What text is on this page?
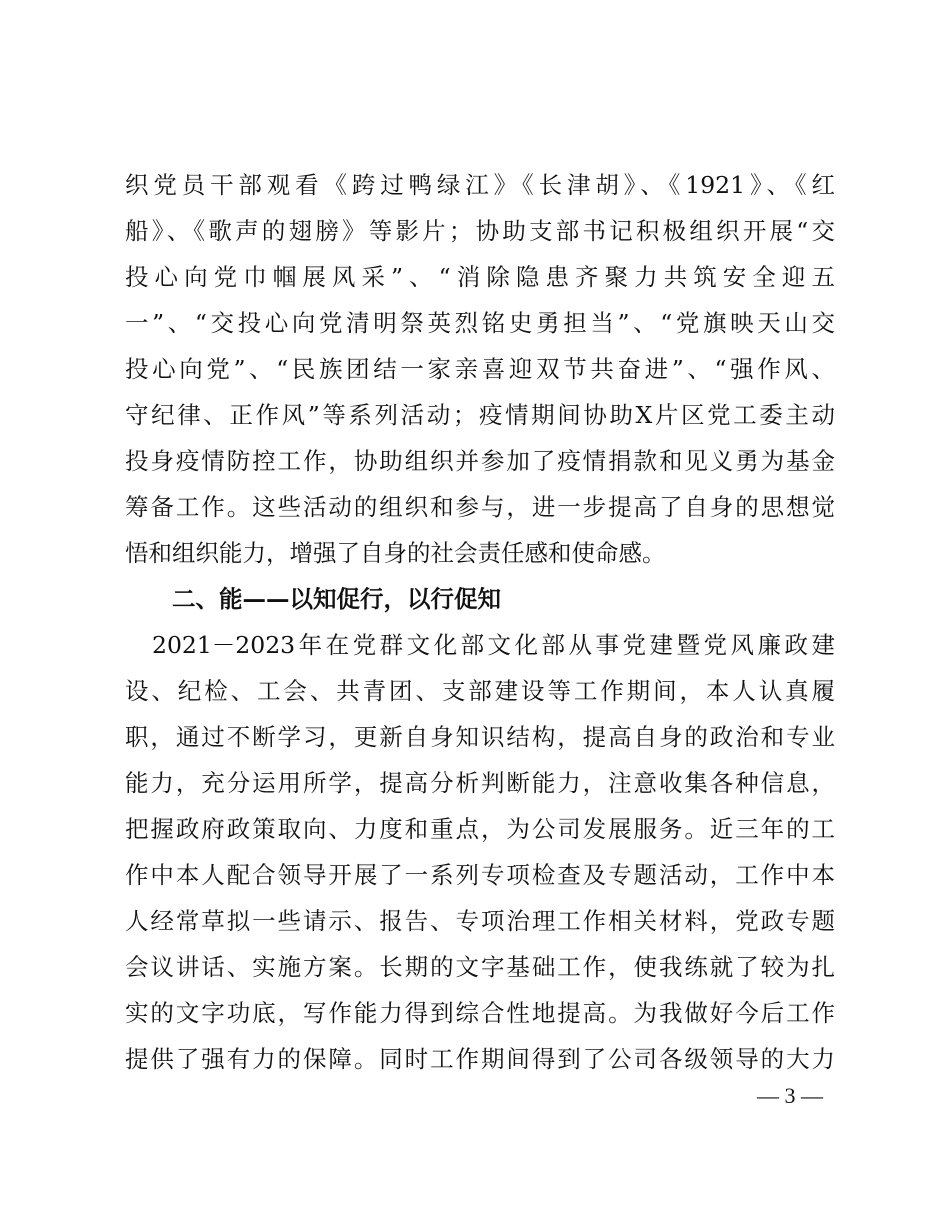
织党员干部观看《跨过鸭绿江》《长津胡》、《1921》、《红
船》、《歌声的翅膀》等影片；协助支部书记积极组织开展“交
投心向党巾帼展风采”、“消除隐患齐聚力共筑安全迎五
一”、“交投心向党清明祭英烈铭史勇担当”、“党旗映天山交
投心向党”、“民族团结一家亲喜迎双节共奋进”、“强作风、
守纪律、正作风”等系列活动；疫情期间协助X片区党工委主动
投身疫情防控工作，协助组织并参加了疫情捐款和见义勇为基金
筹备工作。这些活动的组织和参与，进一步提高了自身的思想觉
悟和组织能力，增强了自身的社会责任感和使命感。
二、能——以知促行，以行促知
　2021－2023年在党群文化部文化部从事党建暨党风廉政建
设、纪检、工会、共青团、支部建设等工作期间，本人认真履
职，通过不断学习，更新自身知识结构，提高自身的政治和专业
能力，充分运用所学，提高分析判断能力，注意收集各种信息，
把握政府政策取向、力度和重点，为公司发展服务。近三年的工
作中本人配合领导开展了一系列专项检查及专题活动，工作中本
人经常草拟一些请示、报告、专项治理工作相关材料，党政专题
会议讲话、实施方案。长期的文字基础工作，使我练就了较为扎
实的文字功底，写作能力得到综合性地提高。为我做好今后工作
提供了强有力的保障。同时工作期间得到了公司各级领导的大力
— 3 —
